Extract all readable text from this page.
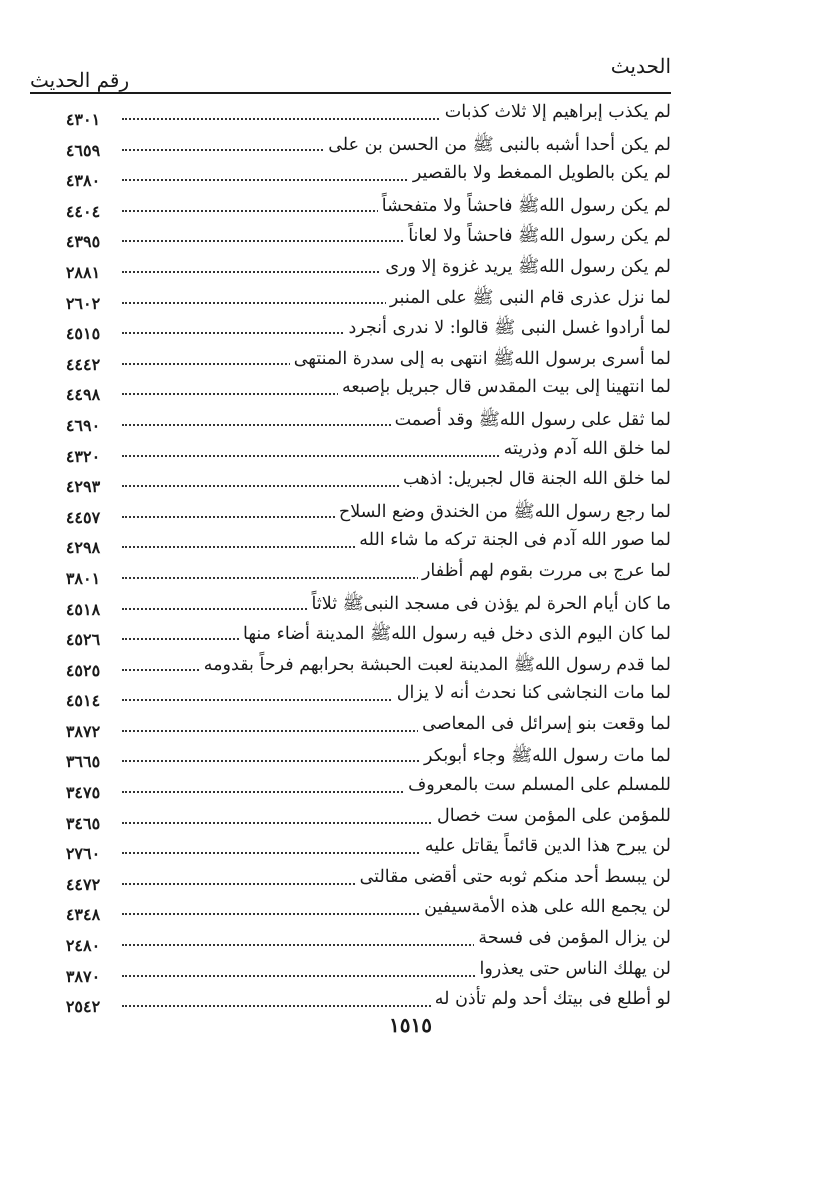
الحديث
رقم الحديث
لم يكذب إبراهيم إلا ثلاث كذبات
٤٣٠١
لم يكن أحدا أشبه بالنبى ﷺ من الحسن بن على
٤٦٥٩
لم يكن بالطويل الممغط ولا بالقصير
٤٣٨٠
لم يكن رسول اللهﷺ فاحشاً ولا متفحشاً
٤٤٠٤
لم يكن رسول اللهﷺ فاحشاً ولا لعاناً
٤٣٩٥
لم يكن رسول اللهﷺ يريد غزوة إلا ورى
٢٨٨١
لما نزل عذرى قام النبى ﷺ على المنبر
٢٦٠٢
لما أرادوا غسل النبى ﷺ قالوا: لا ندرى أنجرد
٤٥١٥
لما أسرى برسول اللهﷺ انتهى به إلى سدرة المنتهى
٤٤٤٢
لما انتهينا إلى بيت المقدس قال جبريل بإصبعه
٤٤٩٨
لما ثقل على رسول اللهﷺ وقد أصمت
٤٦٩٠
لما خلق الله آدم وذريته
٤٣٢٠
لما خلق الله الجنة قال لجبريل: اذهب
٤٢٩٣
لما رجع رسول اللهﷺ من الخندق وضع السلاح
٤٤٥٧
لما صور الله آدم فى الجنة تركه ما شاء الله
٤٢٩٨
لما عرج بى مررت بقوم لهم أظفار
٣٨٠١
ما كان أيام الحرة لم يؤذن فى مسجد النبىﷺ ثلاثاً
٤٥١٨
لما كان اليوم الذى دخل فيه رسول اللهﷺ المدينة أضاء منها
٤٥٢٦
لما قدم رسول اللهﷺ المدينة لعبت الحبشة بحرابهم فرحاً بقدومه
٤٥٢٥
لما مات النجاشى كنا نحدث أنه لا يزال
٤٥١٤
لما وقعت بنو إسرائل فى المعاصى
٣٨٧٢
لما مات رسول اللهﷺ وجاء أبوبكر
٣٦٦٥
للمسلم على المسلم ست بالمعروف
٣٤٧٥
للمؤمن على المؤمن ست خصال
٣٤٦٥
لن يبرح هذا الدين قائماً يقاتل عليه
٢٧٦٠
لن يبسط أحد منكم ثوبه حتى أقضى مقالتى
٤٤٧٢
لن يجمع الله على هذه الأمةسيفين
٤٣٤٨
لن يزال المؤمن فى فسحة
٢٤٨٠
لن يهلك الناس حتى يعذروا
٣٨٧٠
لو أطلع فى بيتك أحد ولم تأذن له
٢٥٤٢
١٥١٥
